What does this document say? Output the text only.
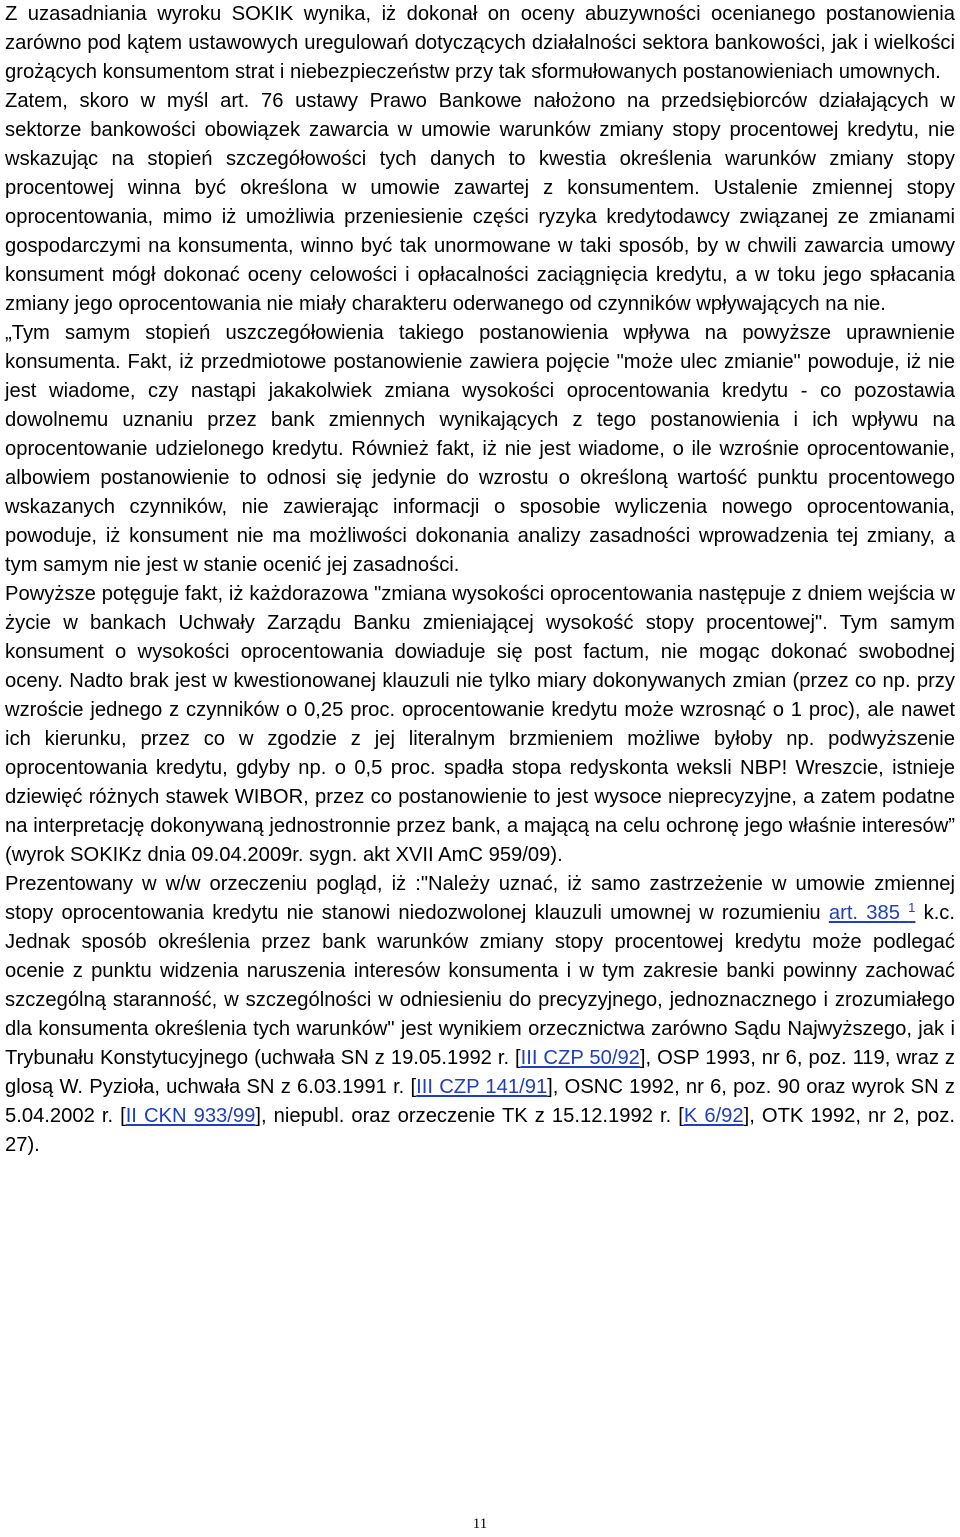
Z uzasadniania wyroku SOKIK wynika, iż dokonał on oceny abuzywności ocenianego postanowienia zarówno pod kątem ustawowych uregulowań dotyczących działalności sektora bankowości, jak i wielkości grożących konsumentom strat i niebezpieczeństw przy tak sformułowanych postanowieniach umownych.

Zatem, skoro w myśl art. 76 ustawy Prawo Bankowe nałożono na przedsiębiorców działających w sektorze bankowości obowiązek zawarcia w umowie warunków zmiany stopy procentowej kredytu, nie wskazując na stopień szczegółowości tych danych to kwestia określenia warunków zmiany stopy procentowej winna być określona w umowie zawartej z konsumentem. Ustalenie zmiennej stopy oprocentowania, mimo iż umożliwia przeniesienie części ryzyka kredytodawcy związanej ze zmianami gospodarczymi na konsumenta, winno być tak unormowane w taki sposób, by w chwili zawarcia umowy konsument mógł dokonać oceny celowości i opłacalności zaciągnięcia kredytu, a w toku jego spłacania zmiany jego oprocentowania nie miały charakteru oderwanego od czynników wpływających na nie.

„Tym samym stopień uszczegółowienia takiego postanowienia wpływa na powyższe uprawnienie konsumenta. Fakt, iż przedmiotowe postanowienie zawiera pojęcie "może ulec zmianie" powoduje, iż nie jest wiadome, czy nastąpi jakakolwiek zmiana wysokości oprocentowania kredytu - co pozostawia dowolnemu uznaniu przez bank zmiennych wynikających z tego postanowienia i ich wpływu na oprocentowanie udzielonego kredytu. Również fakt, iż nie jest wiadome, o ile wzrośnie oprocentowanie, albowiem postanowienie to odnosi się jedynie do wzrostu o określoną wartość punktu procentowego wskazanych czynników, nie zawierając informacji o sposobie wyliczenia nowego oprocentowania, powoduje, iż konsument nie ma możliwości dokonania analizy zasadności wprowadzenia tej zmiany, a tym samym nie jest w stanie ocenić jej zasadności.

Powyższe potęguje fakt, iż każdorazowa "zmiana wysokości oprocentowania następuje z dniem wejścia w życie w bankach Uchwały Zarządu Banku zmieniającej wysokość stopy procentowej". Tym samym konsument o wysokości oprocentowania dowiaduje się post factum, nie mogąc dokonać swobodnej oceny. Nadto brak jest w kwestionowanej klauzuli nie tylko miary dokonywanych zmian (przez co np. przy wzroście jednego z czynników o 0,25 proc. oprocentowanie kredytu może wzrosnąć o 1 proc), ale nawet ich kierunku, przez co w zgodzie z jej literalnym brzmieniem możliwe byłoby np. podwyższenie oprocentowania kredytu, gdyby np. o 0,5 proc. spadła stopa redyskonta weksli NBP! Wreszcie, istnieje dziewięć różnych stawek WIBOR, przez co postanowienie to jest wysoce nieprecyzyjne, a zatem podatne na interpretację dokonywaną jednostronnie przez bank, a mającą na celu ochronę jego właśnie interesów” (wyrok SOKIKz dnia 09.04.2009r. sygn. akt XVII AmC 959/09).

Prezentowany w w/w orzeczeniu pogląd, iż :"Należy uznać, iż samo zastrzeżenie w umowie zmiennej stopy oprocentowania kredytu nie stanowi niedozwolonej klauzuli umownej w rozumieniu art. 385 $^1$ k.c. Jednak sposób określenia przez bank warunków zmiany stopy procentowej kredytu może podlegać ocenie z punktu widzenia naruszenia interesów konsumenta i w tym zakresie banki powinny zachować szczególną staranność, w szczególności w odniesieniu do precyzyjnego, jednoznacznego i zrozumiałego dla konsumenta określenia tych warunków" jest wynikiem orzecznictwa zarówno Sądu Najwyższego, jak i Trybunału Konstytucyjnego (uchwała SN z 19.05.1992 r. [III CZP 50/92], OSP 1993, nr 6, poz. 119, wraz z glosą W. Pyzioła, uchwała SN z 6.03.1991 r. [III CZP 141/91], OSNC 1992, nr 6, poz. 90 oraz wyrok SN z 5.04.2002 r. [II CKN 933/99], niepubl. oraz orzeczenie TK z 15.12.1992 r. [K 6/92], OTK 1992, nr 2, poz. 27).

11
